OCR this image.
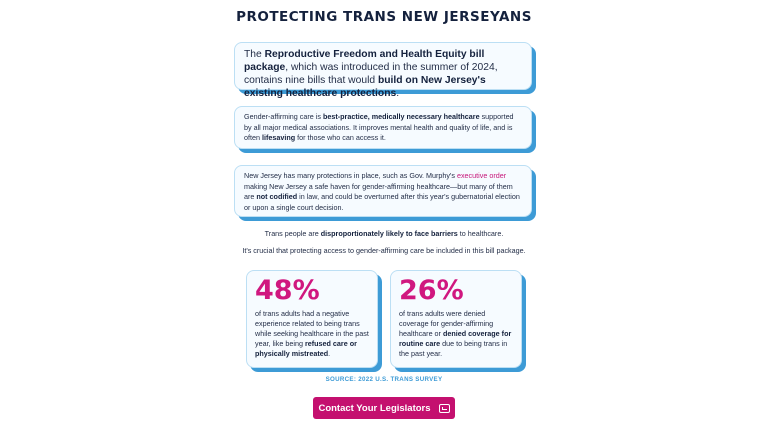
PROTECTING TRANS NEW JERSEYANS
The Reproductive Freedom and Health Equity bill package, which was introduced in the summer of 2024, contains nine bills that would build on New Jersey's existing healthcare protections.
Gender-affirming care is best-practice, medically necessary healthcare supported by all major medical associations. It improves mental health and quality of life, and is often lifesaving for those who can access it.
New Jersey has many protections in place, such as Gov. Murphy's executive order making New Jersey a safe haven for gender-affirming healthcare—but many of them are not codified in law, and could be overturned after this year's gubernatorial election or upon a single court decision.
Trans people are disproportionately likely to face barriers to healthcare.
It's crucial that protecting access to gender-affirming care be included in this bill package.
48%
of trans adults had a negative experience related to being trans while seeking healthcare in the past year, like being refused care or physically mistreated.
26%
of trans adults were denied coverage for gender-affirming healthcare or denied coverage for routine care due to being trans in the past year.
SOURCE: 2022 U.S. TRANS SURVEY
Contact Your Legislators
